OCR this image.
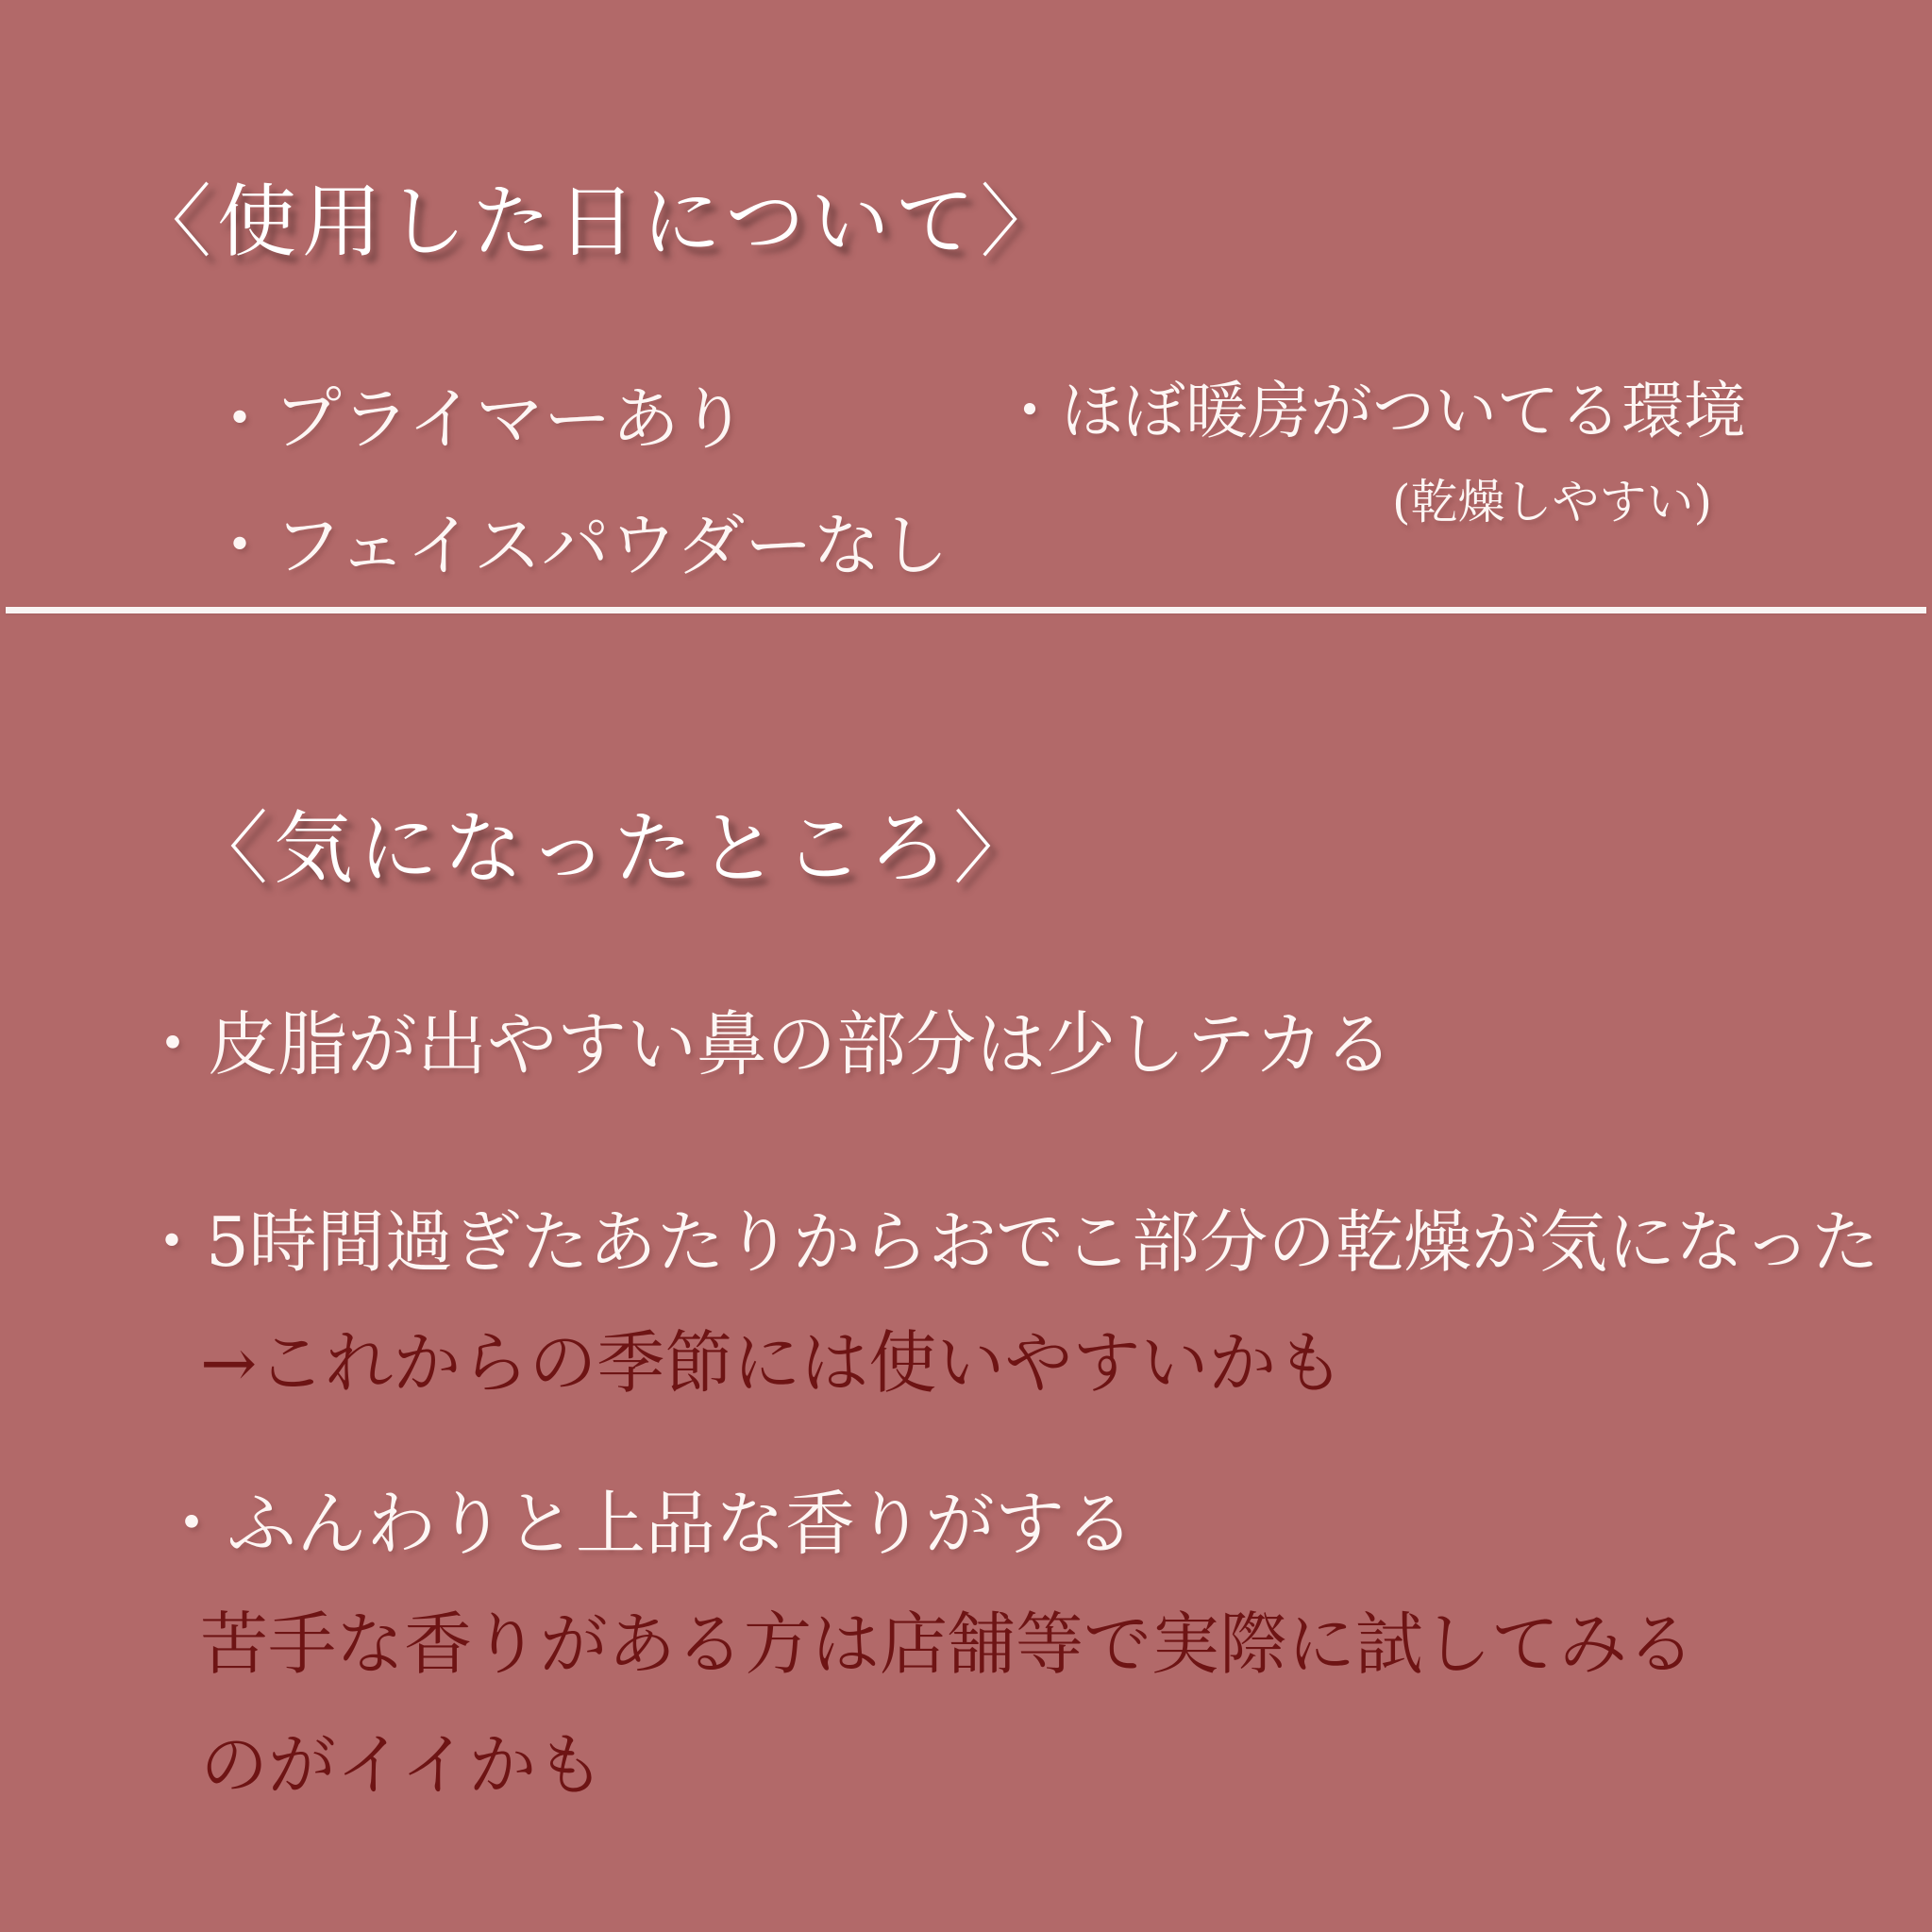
〈使用した日について〉
・プライマーあり
・フェイスパウダーなし
・ほぼ暖房がついてる環境
(乾燥しやすい)
〈気になったところ〉
・皮脂が出やすい鼻の部分は少しテカる
・5時間過ぎたあたりからおでこ部分の乾燥が気になった
→これからの季節には使いやすいかも
・ふんわりと上品な香りがする
苦手な香りがある方は店舗等で実際に試してみる
のがイイかも
